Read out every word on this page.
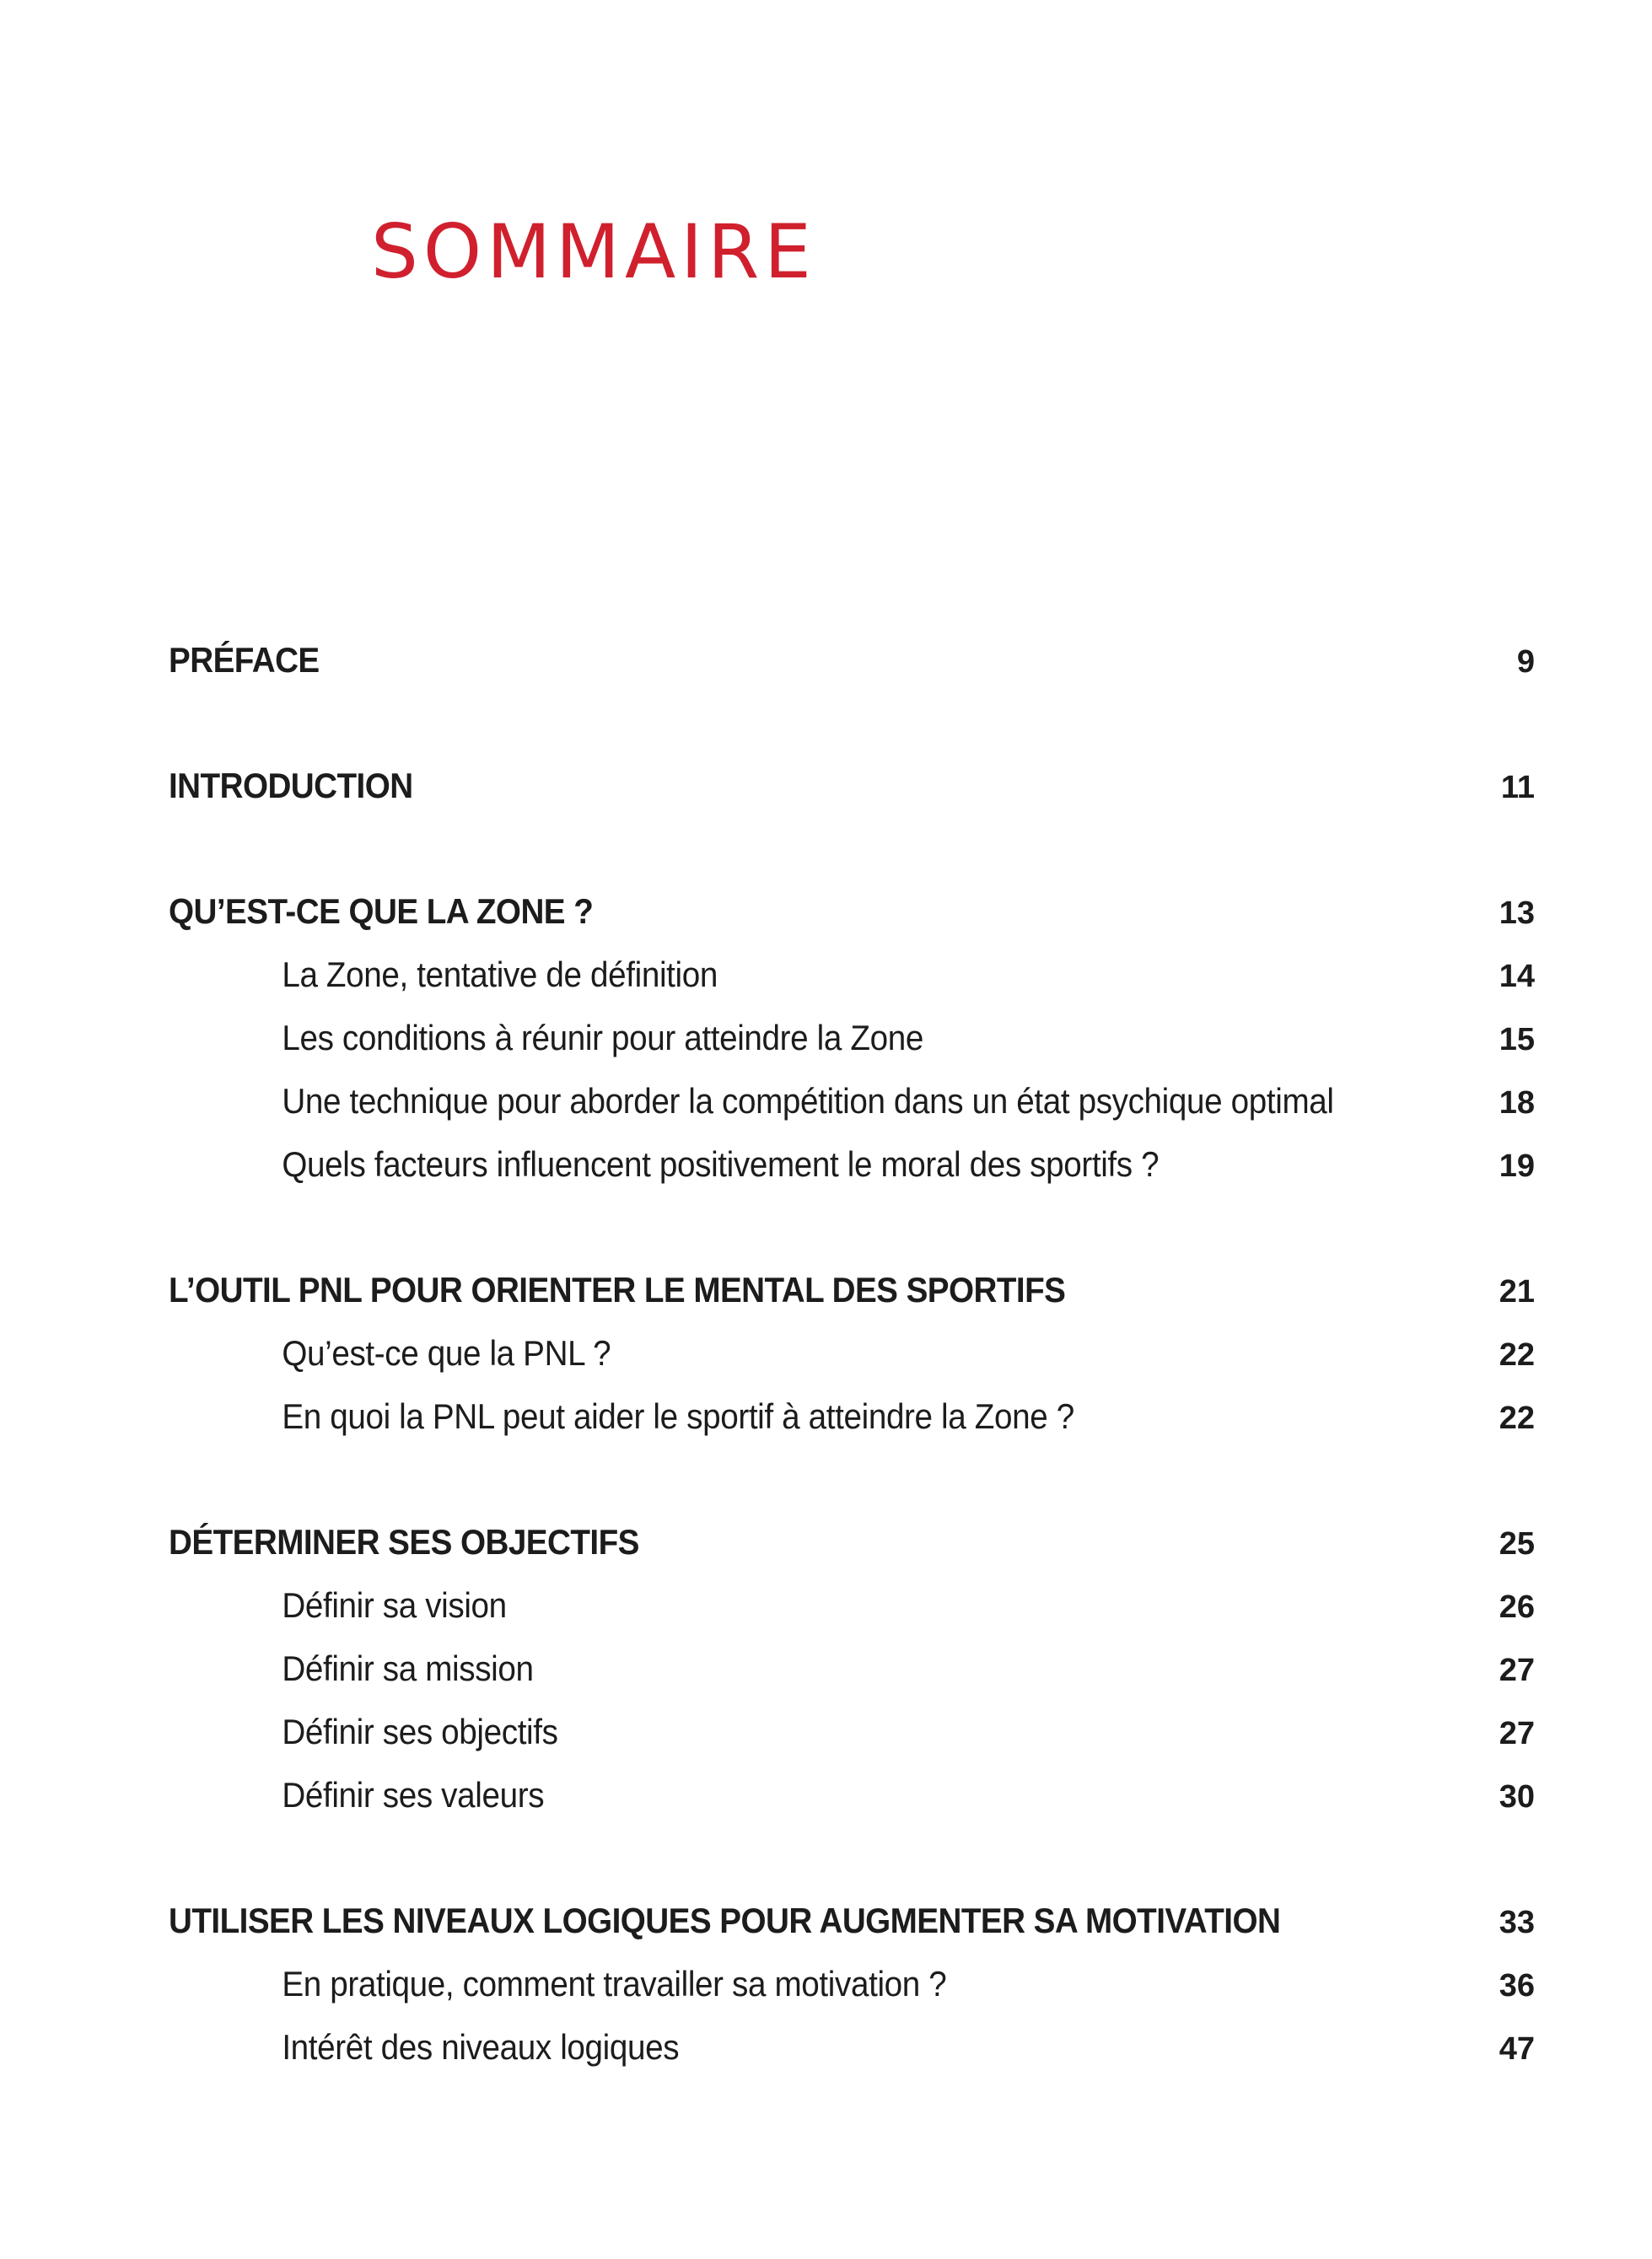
SOMMAIRE
PRÉFACE	9
INTRODUCTION	11
QU’EST-CE QUE LA ZONE ?	13
La Zone, tentative de définition	14
Les conditions à réunir pour atteindre la Zone	15
Une technique pour aborder la compétition dans un état psychique optimal	18
Quels facteurs influencent positivement le moral des sportifs ?	19
L’OUTIL PNL POUR ORIENTER LE MENTAL DES SPORTIFS	21
Qu’est-ce que la PNL ?	22
En quoi la PNL peut aider le sportif à atteindre la Zone ?	22
DÉTERMINER SES OBJECTIFS	25
Définir sa vision	26
Définir sa mission	27
Définir ses objectifs	27
Définir ses valeurs	30
UTILISER LES NIVEAUX LOGIQUES POUR AUGMENTER SA MOTIVATION	33
En pratique, comment travailler sa motivation ?	36
Intérêt des niveaux logiques	47
